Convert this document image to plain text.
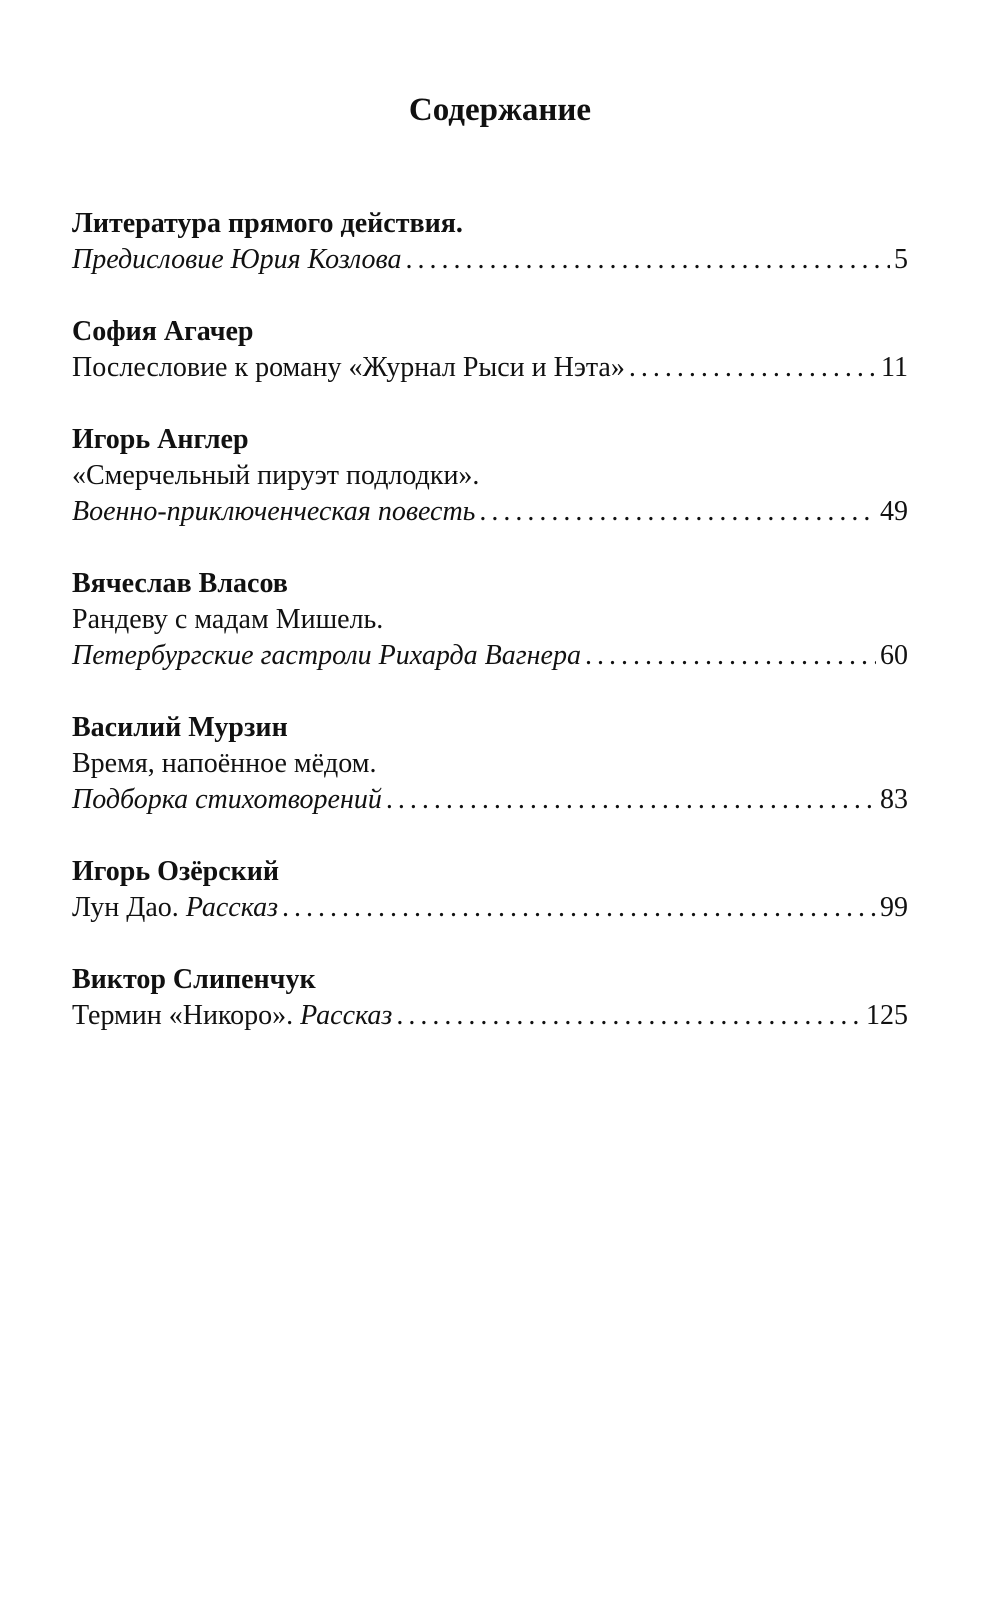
Содержание
Литература прямого действия.
Предисловие Юрия Козлова . . .	5
София Агачер
Послесловие к роману «Журнал Рыси и Нэта» . . .	11
Игорь Англер
«Смерчельный пируэт подлодки».
Военно-приключенческая повесть . . .	49
Вячеслав Власов
Рандеву с мадам Мишель.
Петербургские гастроли Рихарда Вагнера . . .	60
Василий Мурзин
Время, напоённое мёдом.
Подборка стихотворений . . .	83
Игорь Озёрский
Лун Дао. Рассказ . . .	99
Виктор Слипенчук
Термин «Никоро». Рассказ . . .	125
